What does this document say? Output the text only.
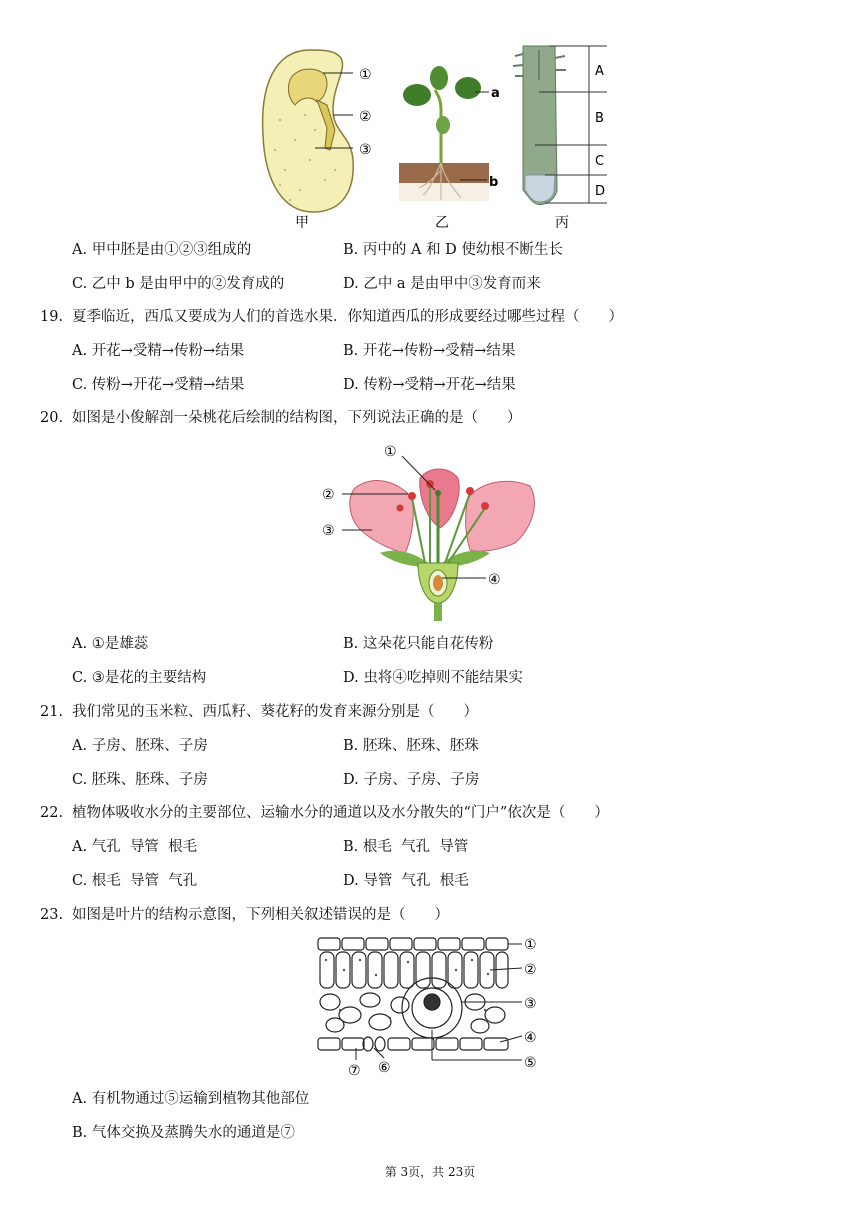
①
②
③
a
b
A
B
C
D
甲	乙	丙
A. 甲中胚是由①②③组成的	B. 丙中的 A 和 D 使幼根不断生长
C. 乙中 b 是由甲中的②发育成的	D. 乙中 a 是由甲中③发育而来
19. 夏季临近，西瓜又要成为人们的首选水果．你知道西瓜的形成要经过哪些过程（　　）
A. 开花→受精→传粉→结果	B. 开花→传粉→受精→结果
C. 传粉→开花→受精→结果	D. 传粉→受精→开花→结果
20. 如图是小俊解剖一朵桃花后绘制的结构图，下列说法正确的是（　　）
①
②
③
④
A. ①是雄蕊	B. 这朵花只能自花传粉
C. ③是花的主要结构	D. 虫将④吃掉则不能结果实
21. 我们常见的玉米粒、西瓜籽、葵花籽的发育来源分别是（　　）
A. 子房、胚珠、子房	B. 胚珠、胚珠、胚珠
C. 胚珠、胚珠、子房	D. 子房、子房、子房
22. 植物体吸收水分的主要部位、运输水分的通道以及水分散失的“门户”依次是（　　）
A. 气孔  导管  根毛	B. 根毛  气孔  导管
C. 根毛  导管  气孔	D. 导管  气孔  根毛
23. 如图是叶片的结构示意图，下列相关叙述错误的是（　　）
①
②
③
④
⑤
⑦ ⑥
A. 有机物通过⑤运输到植物其他部位
B. 气体交换及蒸腾失水的通道是⑦
第 3页，共 23页
